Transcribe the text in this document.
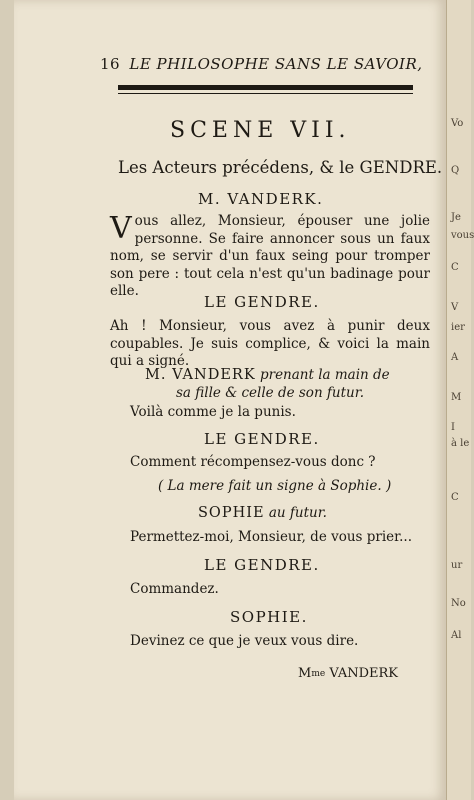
Vo
Q
Je
vous
C
V
ier
A
M
I
à le
C
ur
No
Al
16 LE PHILOSOPHE SANS LE SAVOIR,
SCENE VII.
Les Acteurs précédens, & le GENDRE.
M. VANDERK.
Vous allez, Monsieur, épouser une jolie personne. Se faire annoncer sous un faux nom, se servir d'un faux seing pour tromper son pere : tout cela n'est qu'un badinage pour elle.
LE GENDRE.
Ah ! Monsieur, vous avez à punir deux coupables. Je suis complice, & voici la main qui a signé.
M. VANDERK prenant la main de
sa fille & celle de son futur.
Voilà comme je la punis.
LE GENDRE.
Comment récompensez-vous donc ?
( La mere fait un signe à Sophie. )
SOPHIE au futur.
Permettez-moi, Monsieur, de vous prier...
LE GENDRE.
Commandez.
SOPHIE.
Devinez ce que je veux vous dire.
Mme VANDERK
